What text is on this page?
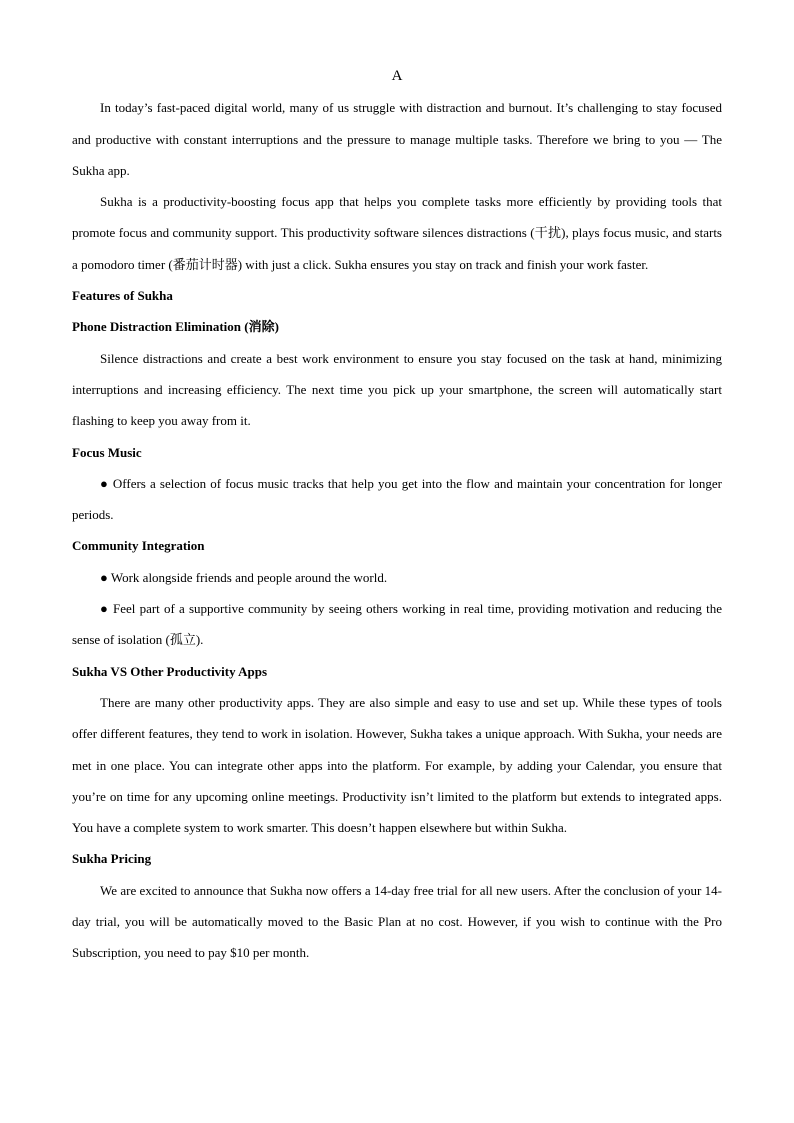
A

In today’s fast-paced digital world, many of us struggle with distraction and burnout. It’s challenging to stay focused and productive with constant interruptions and the pressure to manage multiple tasks. Therefore we bring to you — The Sukha app.

Sukha is a productivity-boosting focus app that helps you complete tasks more efficiently by providing tools that promote focus and community support. This productivity software silences distractions (干扰), plays focus music, and starts a pomodoro timer (番茄计时器) with just a click. Sukha ensures you stay on track and finish your work faster.

Features of Sukha

Phone Distraction Elimination (消除)

Silence distractions and create a best work environment to ensure you stay focused on the task at hand, minimizing interruptions and increasing efficiency. The next time you pick up your smartphone, the screen will automatically start flashing to keep you away from it.

Focus Music

● Offers a selection of focus music tracks that help you get into the flow and maintain your concentration for longer periods.

Community Integration

● Work alongside friends and people around the world.

● Feel part of a supportive community by seeing others working in real time, providing motivation and reducing the sense of isolation (孤立).

Sukha VS Other Productivity Apps

There are many other productivity apps. They are also simple and easy to use and set up. While these types of tools offer different features, they tend to work in isolation. However, Sukha takes a unique approach. With Sukha, your needs are met in one place. You can integrate other apps into the platform. For example, by adding your Calendar, you ensure that you’re on time for any upcoming online meetings. Productivity isn’t limited to the platform but extends to integrated apps. You have a complete system to work smarter. This doesn’t happen elsewhere but within Sukha.

Sukha Pricing

We are excited to announce that Sukha now offers a 14-day free trial for all new users. After the conclusion of your 14-day trial, you will be automatically moved to the Basic Plan at no cost. However, if you wish to continue with the Pro Subscription, you need to pay $10 per month.
